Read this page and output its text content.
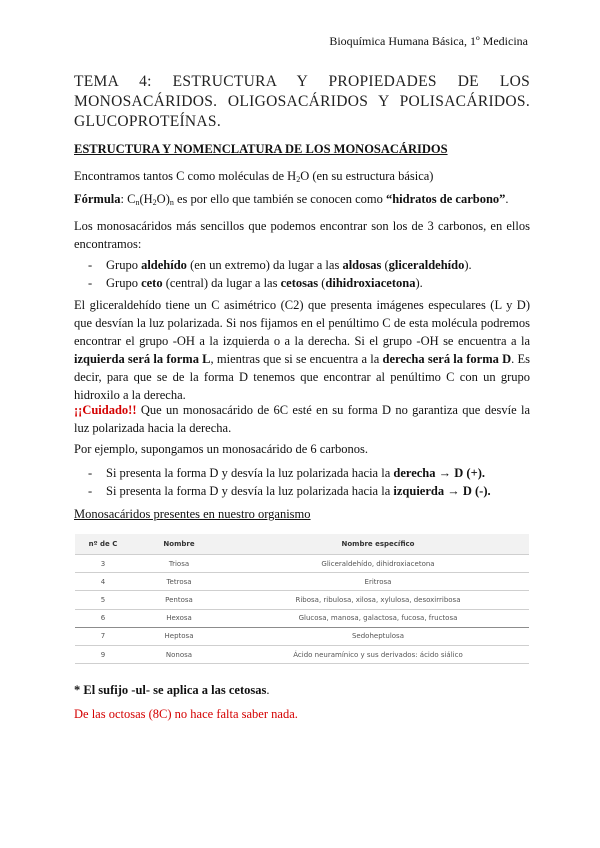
Bioquímica Humana Básica, 1º Medicina
TEMA 4: ESTRUCTURA Y PROPIEDADES DE LOS MONOSACÁRIDOS. OLIGOSACÁRIDOS Y POLISACÁRIDOS. GLUCOPROTEÍNAS.
ESTRUCTURA Y NOMENCLATURA DE LOS MONOSACÁRIDOS
Encontramos tantos C como moléculas de $H_2O$ (en su estructura básica)
Fórmula: $C_n(H_2O)_n$ es por ello que también se conocen como “hidratos de carbono”.
Los monosacáridos más sencillos que podemos encontrar son los de 3 carbonos, en ellos encontramos:
- Grupo aldehído (en un extremo) da lugar a las aldosas (gliceraldehído).
- Grupo ceto (central) da lugar a las cetosas (dihidroxiacetona).
El gliceraldehído tiene un C asimétrico (C2) que presenta imágenes especulares (L y D) que desvían la luz polarizada. Si nos fijamos en el penúltimo C de esta molécula podremos encontrar el grupo -OH a la izquierda o a la derecha. Si el grupo -OH se encuentra a la izquierda será la forma L, mientras que si se encuentra a la derecha será la forma D. Es decir, para que se de la forma D tenemos que encontrar al penúltimo C con un grupo hidroxilo a la derecha.
¡¡Cuidado!! Que un monosacárido de 6C esté en su forma D no garantiza que desvíe la luz polarizada hacia la derecha.
Por ejemplo, supongamos un monosacárido de 6 carbonos.
- Si presenta la forma D y desvía la luz polarizada hacia la derecha → D (+).
- Si presenta la forma D y desvía la luz polarizada hacia la izquierda → D (-).
Monosacáridos presentes en nuestro organismo
nº de C	Nombre	Nombre específico
3	Triosa	Gliceraldehído, dihidroxiacetona
4	Tetrosa	Eritrosa
5	Pentosa	Ribosa, ribulosa, xilosa, xylulosa, desoxirribosa
6	Hexosa	Glucosa, manosa, galactosa, fucosa, fructosa
7	Heptosa	Sedoheptulosa
9	Nonosa	Ácido neuramínico y sus derivados: ácido siálico
* El sufijo -ul- se aplica a las cetosas.
De las octosas (8C) no hace falta saber nada.
